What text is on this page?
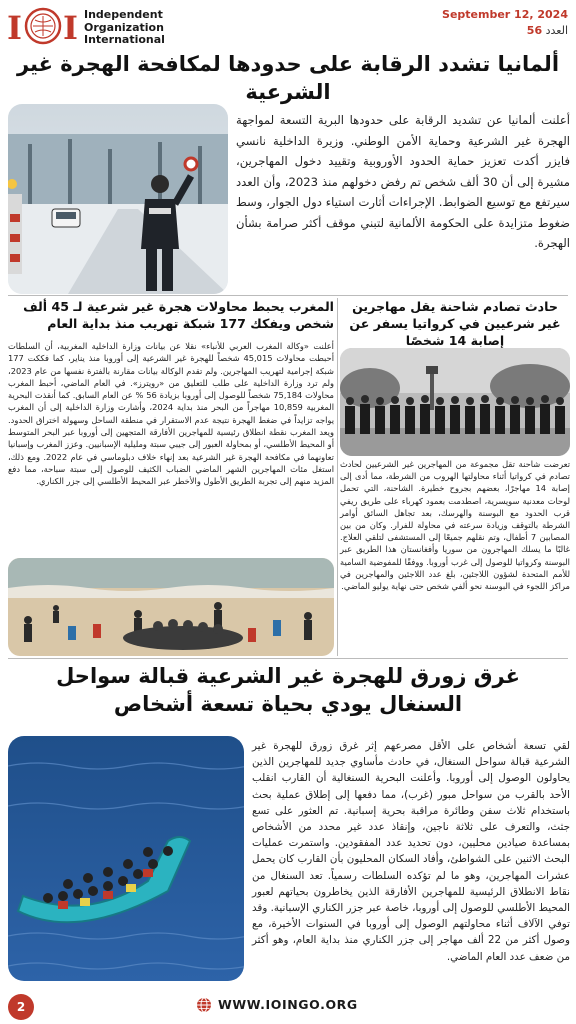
I I Independent
Organization
International
September 12, 2024
العدد 56
ألمانيا تشدد الرقابة على حدودها لمكافحة الهجرة غير الشرعية
أعلنت ألمانيا عن تشديد الرقابة على حدودها البرية التسعة لمواجهة الهجرة غير الشرعية وحماية الأمن الوطني. وزيرة الداخلية نانسي فايزر أكدت تعزيز حماية الحدود الأوروبية وتقييد دخول المهاجرين، مشيرة إلى أن 30 ألف شخص تم رفض دخولهم منذ 2023، وأن العدد سيرتفع مع توسيع الضوابط. الإجراءات أثارت استياء دول الجوار، وسط ضغوط متزايدة على الحكومة الألمانية لتبني موقف أكثر صرامة بشأن الهجرة.
المغرب يحبط محاولات هجرة غير شرعية لـ 45 ألف شخص ويفكك 177 شبكة تهريب منذ بداية العام
أعلنت «وكالة المغرب العربي للأنباء» نقلا عن بيانات وزارة الداخلية المغربية، أن السلطات أحبطت محاولات 45,015 شخصاً للهجرة غير الشرعية إلى أوروبا منذ يناير، كما فككت 177 شبكة إجرامية لتهريب المهاجرين. ولم تقدم الوكالة بيانات مقارنة بالفترة نفسها من عام 2023، ولم ترد وزارة الداخلية على طلب للتعليق من «رويترز». في العام الماضي، أحبط المغرب محاولات 75,184 شخصاً للوصول إلى أوروبا بزيادة 56 % عن العام السابق. كما أنقذت البحرية المغربية 10,859 مهاجراً من البحر منذ بداية 2024، وأشارت وزارة الداخلية إلى أن المغرب يواجه تزايداً في ضغط الهجرة نتيجة عدم الاستقرار في منطقة الساحل وسهولة اختراق الحدود. ويعد المغرب نقطة انطلاق رئيسية للمهاجرين الأفارقة المتجهين إلى أوروبا عبر البحر المتوسط أو المحيط الأطلسي، أو بمحاولة العبور إلى جيبي سبتة ومليلية الإسبانيين. وعزز المغرب وإسبانيا تعاونهما في مكافحة الهجرة غير الشرعية بعد إنهاء خلاف دبلوماسي في عام 2022. ومع ذلك، استغل مئات المهاجرين الشهر الماضي الضباب الكثيف للوصول إلى سبتة سباحة، مما دفع المزيد منهم إلى تجربة الطريق الأطول والأخطر عبر المحيط الأطلسي إلى جزر الكناري.
حادث تصادم شاحنة يقل مهاجرين غير شرعيين في كرواتيا يسفر عن إصابة 14 شخصًا
تعرضت شاحنة تقل مجموعة من المهاجرين غير الشرعيين لحادث تصادم في كرواتيا أثناء محاولتها الهروب من الشرطة، مما أدى إلى إصابة 14 مهاجرًا، بعضهم بجروح خطيرة. الشاحنة، التي تحمل لوحات معدنية سويسرية، اصطدمت بعمود كهرباء على طريق ريفي قرب الحدود مع البوسنة والهرسك، بعد تجاهل السائق أوامر الشرطة بالتوقف وزيادة سرعته في محاولة للفرار. وكان من بين المصابين 7 أطفال، وتم نقلهم جميعًا إلى المستشفى لتلقي العلاج. غالبًا ما يسلك المهاجرون من سوريا وأفغانستان هذا الطريق عبر البوسنة وكرواتيا للوصول إلى غرب أوروبا. ووفقًا للمفوضية السامية للأمم المتحدة لشؤون اللاجئين، بلغ عدد اللاجئين والمهاجرين في مراكز اللجوء في البوسنة نحو ألفي شخص حتى نهاية يوليو الماضي.
غرق زورق للهجرة غير الشرعية قبالة سواحل السنغال يودي بحياة تسعة أشخاص
لقي تسعة أشخاص على الأقل مصرعهم إثر غرق زورق للهجرة غير الشرعية قبالة سواحل السنغال، في حادث مأساوي جديد للمهاجرين الذين يحاولون الوصول إلى أوروبا. وأعلنت البحرية السنغالية أن القارب انقلب الأحد بالقرب من سواحل مبور (غرب)، مما دفعها إلى إطلاق عملية بحث باستخدام ثلاث سفن وطائرة مراقبة بحرية إسبانية. تم العثور على تسع جثث، والتعرف على ثلاثة ناجين، وإنقاذ عدد غير محدد من الأشخاص بمساعدة صيادين محليين، دون تحديد عدد المفقودين. واستمرت عمليات البحث الاثنين على الشواطئ، وأفاد السكان المحليون بأن القارب كان يحمل عشرات المهاجرين، وهو ما لم تؤكده السلطات رسمياً. تعد السنغال من نقاط الانطلاق الرئيسية للمهاجرين الأفارقة الذين يخاطرون بحياتهم لعبور المحيط الأطلسي للوصول إلى أوروبا، خاصة عبر جزر الكناري الإسبانية. وقد توفي الآلاف أثناء محاولتهم الوصول إلى أوروبا في السنوات الأخيرة، مع وصول أكثر من 22 ألف مهاجر إلى جزر الكناري منذ بداية العام، وهو أكثر من ضعف عدد العام الماضي.
2	WWW.IOINGO.ORG
